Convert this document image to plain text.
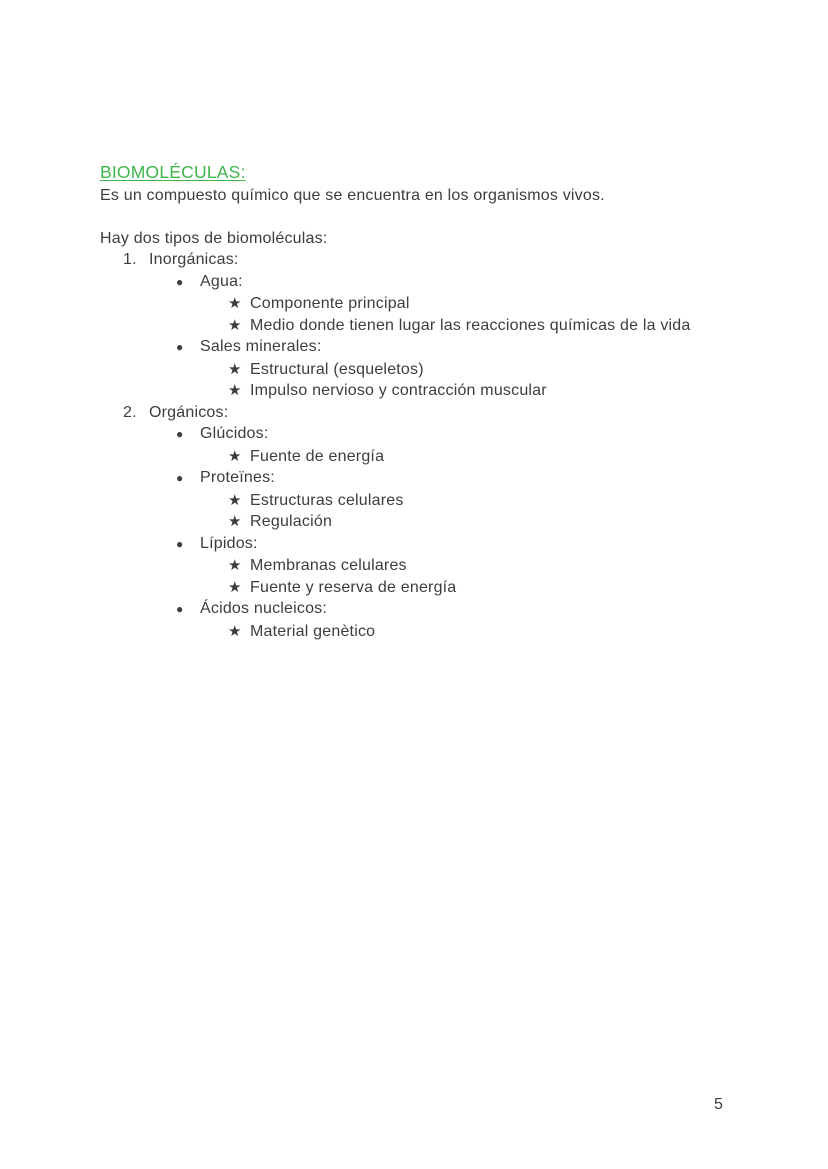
BIOMOLÉCULAS:

Es un compuesto químico que se encuentra en los organismos vivos.

Hay dos tipos de biomoléculas:

1. Inorgánicas:
●	Agua:
★ Componente principal
★ Medio donde tienen lugar las reacciones químicas de la vida
●	Sales minerales:
★ Estructural (esqueletos)
★ Impulso nervioso y contracción muscular
2. Orgánicos:
●	Glúcidos:
★ Fuente de energía
●	Proteïnes:
★ Estructuras celulares
★ Regulación
●	Lípidos:
★ Membranas celulares
★ Fuente y reserva de energía
●	Ácidos nucleicos:
★ Material genètico
5
